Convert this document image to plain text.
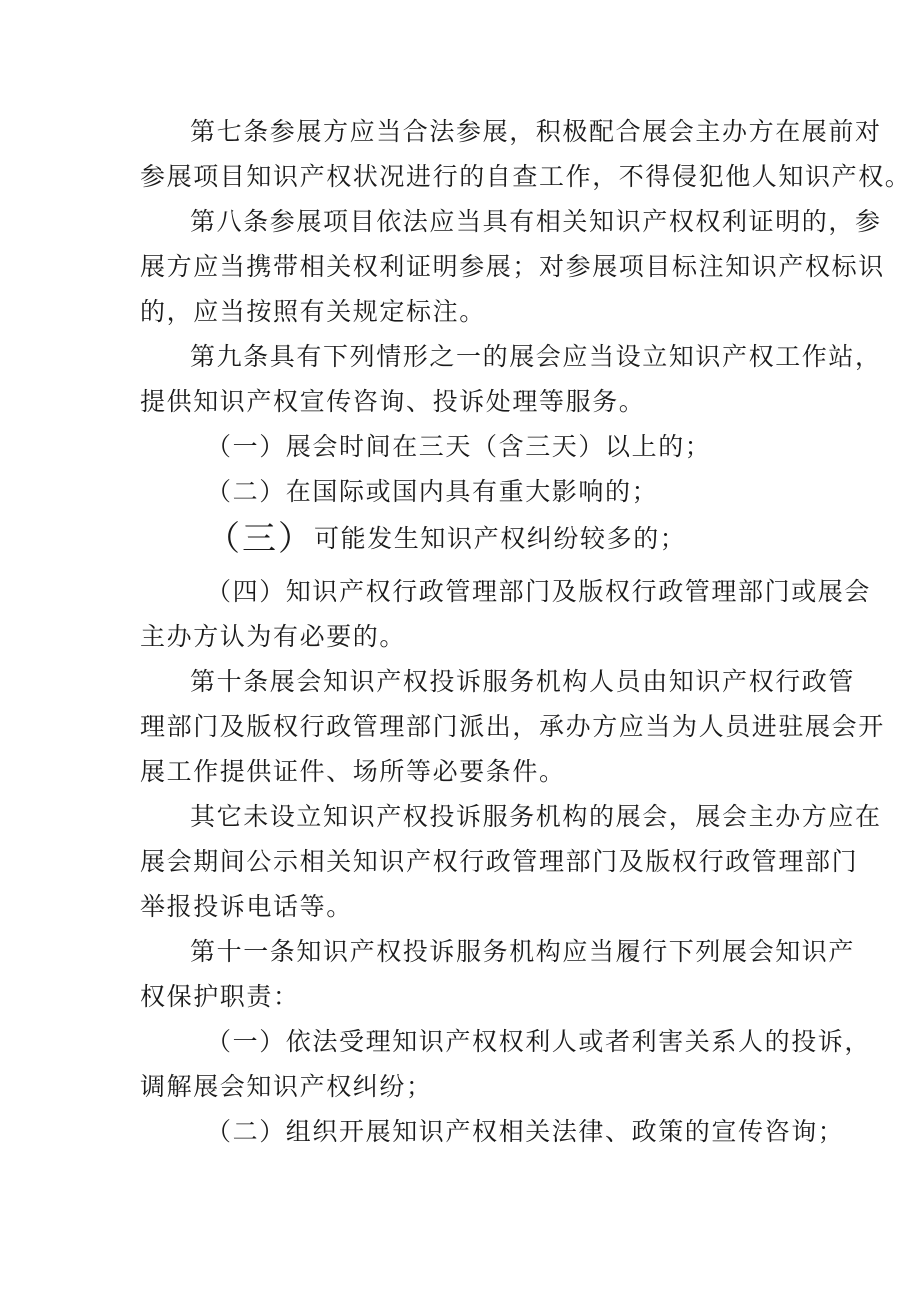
第七条参展方应当合法参展，积极配合展会主办方在展前对
参展项目知识产权状况进行的自查工作，不得侵犯他人知识产权。
第八条参展项目依法应当具有相关知识产权权利证明的，参
展方应当携带相关权利证明参展；对参展项目标注知识产权标识
的，应当按照有关规定标注。
第九条具有下列情形之一的展会应当设立知识产权工作站，
提供知识产权宣传咨询、投诉处理等服务。
（一）展会时间在三天（含三天）以上的；
（二）在国际或国内具有重大影响的；
（三）可能发生知识产权纠纷较多的；
（四）知识产权行政管理部门及版权行政管理部门或展会
主办方认为有必要的。
第十条展会知识产权投诉服务机构人员由知识产权行政管
理部门及版权行政管理部门派出，承办方应当为人员进驻展会开
展工作提供证件、场所等必要条件。
其它未设立知识产权投诉服务机构的展会，展会主办方应在
展会期间公示相关知识产权行政管理部门及版权行政管理部门
举报投诉电话等。
第十一条知识产权投诉服务机构应当履行下列展会知识产
权保护职责：
（一）依法受理知识产权权利人或者利害关系人的投诉，
调解展会知识产权纠纷；
（二）组织开展知识产权相关法律、政策的宣传咨询；
